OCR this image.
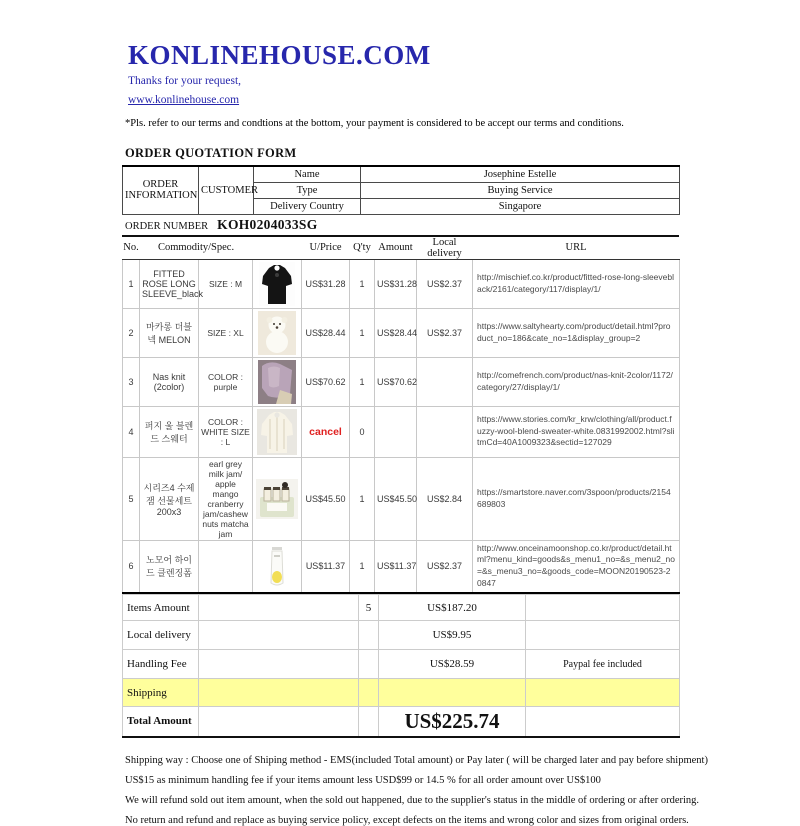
KONLINEHOUSE.COM
Thanks for your request,
www.konlinehouse.com
*Pls. refer to our terms and condtions at the bottom, your payment is considered to be accept our terms and conditions.
ORDER QUOTATION FORM
ORDER INFORMATION	CUSTOMER	Name	Josephine Estelle
		Type	Buying Service
		Delivery Country	Singapore
ORDER NUMBER KOH0204033SG
No.	Commodity/Spec.			U/Price	Q'ty	Amount	Local delivery	URL
1	FITTED ROSE LONG SLEEVE_black	SIZE : M		US$31.28	1	US$31.28	US$2.37	http://mischief.co.kr/product/fitted-rose-long-sleeveblack/2161/category/117/display/1/
2	마카롱 더블넥 MELON	SIZE : XL		US$28.44	1	US$28.44	US$2.37	https://www.saltyhearty.com/product/detail.html?product_no=186&cate_no=1&display_group=2
3	Nas knit (2color)	COLOR : purple		US$70.62	1	US$70.62		http://comefrench.com/product/nas-knit-2color/1172/category/27/display/1/
4	퍼지 울 블렌드 스웨터	COLOR : WHITE SIZE : L		cancel	0			https://www.stories.com/kr_krw/clothing/all/product.fuzzy-wool-blend-sweater-white.0831992002.html?slitmCd=40A1009323&sectid=127029
5	시리즈4 수제잼 선물세트 200x3	earl grey milk jam/ apple mango cranberry jam/cashew nuts matcha jam		US$45.50	1	US$45.50	US$2.84	https://smartstore.naver.com/3spoon/products/2154689803
6	노모어 하이드 클렌징폼			US$11.37	1	US$11.37	US$2.37	http://www.onceinamoonshop.co.kr/product/detail.html?menu_kind=goods&s_menu1_no=&s_menu2_no=&s_menu3_no=&goods_code=MOON20190523-20847
Items Amount		5	US$187.20	
Local delivery			US$9.95	
Handling Fee			US$28.59	Paypal fee included
Shipping				
Total Amount			US$225.74	

Shipping way : Choose one of Shiping method - EMS(included Total amount) or Pay later ( will be charged later and pay before shipment)

US$15 as minimum handling fee if your items amount less USD$99 or 14.5 % for all order amount over US$100

We will refund sold out item amount, when the sold out happened, due to the supplier's status in the middle of ordering or after ordering.

No return and refund and replace as buying service policy, except defects on the items and wrong color and sizes from original orders.
